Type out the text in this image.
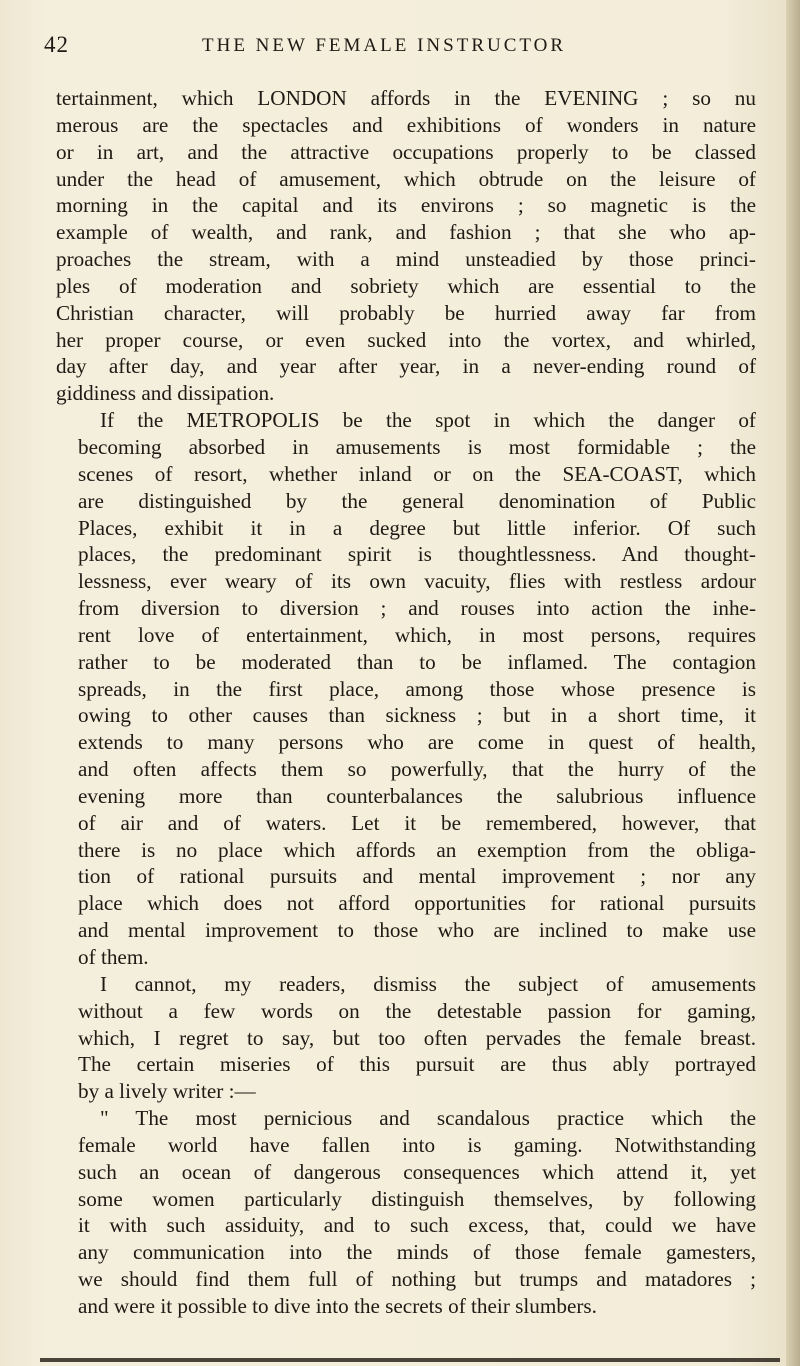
42	THE NEW FEMALE INSTRUCTOR

tertainment, which LONDON affords in the EVENING ; so nu
merous are the spectacles and exhibitions of wonders in nature
or in art, and the attractive occupations properly to be classed
under the head of amusement, which obtrude on the leisure of
morning in the capital and its environs ; so magnetic is the
example of wealth, and rank, and fashion ; that she who ap-
proaches the stream, with a mind unsteadied by those princi-
ples of moderation and sobriety which are essential to the
Christian character, will probably be hurried away far from
her proper course, or even sucked into the vortex, and whirled,
day after day, and year after year, in a never-ending round of
giddiness and dissipation.

If the METROPOLIS be the spot in which the danger of
becoming absorbed in amusements is most formidable ; the
scenes of resort, whether inland or on the SEA-COAST, which
are distinguished by the general denomination of Public
Places, exhibit it in a degree but little inferior. Of such
places, the predominant spirit is thoughtlessness. And thought-
lessness, ever weary of its own vacuity, flies with restless ardour
from diversion to diversion ; and rouses into action the inhe-
rent love of entertainment, which, in most persons, requires
rather to be moderated than to be inflamed. The contagion
spreads, in the first place, among those whose presence is
owing to other causes than sickness ; but in a short time, it
extends to many persons who are come in quest of health,
and often affects them so powerfully, that the hurry of the
evening more than counterbalances the salubrious influence
of air and of waters. Let it be remembered, however, that
there is no place which affords an exemption from the obliga-
tion of rational pursuits and mental improvement ; nor any
place which does not afford opportunities for rational pursuits
and mental improvement to those who are inclined to make use
of them.

I cannot, my readers, dismiss the subject of amusements
without a few words on the detestable passion for gaming,
which, I regret to say, but too often pervades the female breast.
The certain miseries of this pursuit are thus ably portrayed
by a lively writer :—

" The most pernicious and scandalous practice which the
female world have fallen into is gaming. Notwithstanding
such an ocean of dangerous consequences which attend it, yet
some women particularly distinguish themselves, by following
it with such assiduity, and to such excess, that, could we have
any communication into the minds of those female gamesters,
we should find them full of nothing but trumps and matadores ;
and were it possible to dive into the secrets of their slumbers.
